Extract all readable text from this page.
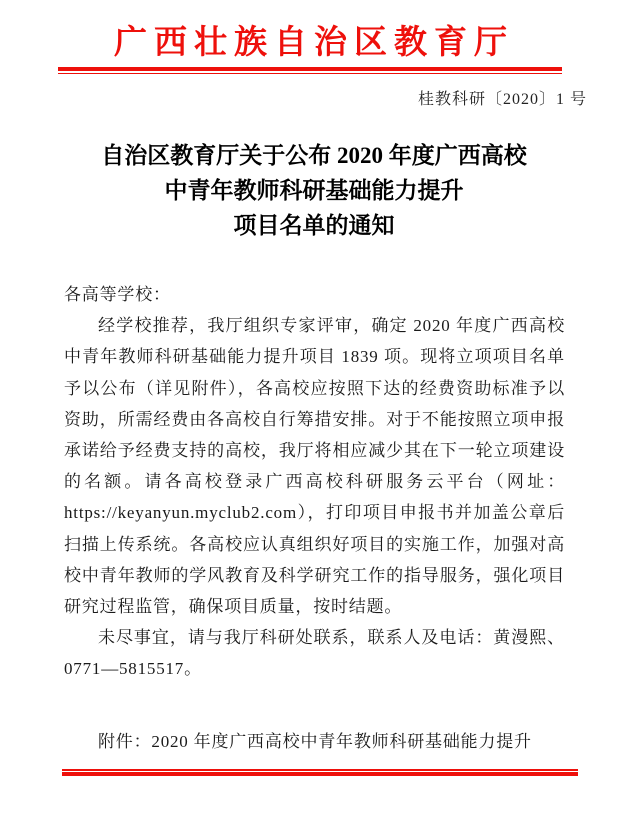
广西壮族自治区教育厅
桂教科研〔2020〕1 号
自治区教育厅关于公布 2020 年度广西高校
中青年教师科研基础能力提升
项目名单的通知

各高等学校：

经学校推荐，我厅组织专家评审，确定 2020 年度广西高校中青年教师科研基础能力提升项目 1839 项。现将立项项目名单予以公布（详见附件），各高校应按照下达的经费资助标准予以资助，所需经费由各高校自行筹措安排。对于不能按照立项申报承诺给予经费支持的高校，我厅将相应减少其在下一轮立项建设的名额。请各高校登录广西高校科研服务云平台（网址：https://keyanyun.myclub2.com），打印项目申报书并加盖公章后扫描上传系统。各高校应认真组织好项目的实施工作，加强对高校中青年教师的学风教育及科学研究工作的指导服务，强化项目研究过程监管，确保项目质量，按时结题。

未尽事宜，请与我厅科研处联系，联系人及电话：黄漫熙、0771—5815517。

附件：2020 年度广西高校中青年教师科研基础能力提升
